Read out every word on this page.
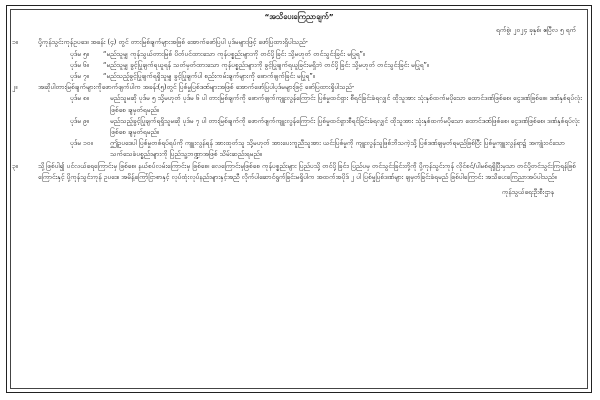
“အသိပေးကြေညာချက်”
ရက်စွဲ၊ ၂၀၂၄ ခုနှစ်၊ ဧပြီလ ၅ ရက်
၁။	ပို့ကုန်သွင်းကုန်ဥပဒေ၊ အခန်း (၄) တွင် တားမြစ်ချက်များအဖြစ် အောက်ဖော်ပြပါ ပုဒ်မများဖြင့် ဖော်ပြထားရှိပါသည်-
ပုဒ်မ ၅။	“မည်သူမျှ ကုန်သွယ်တားမြစ် ပိတ်ပင်ထားသော ကုန်ပစ္စည်းများကို တင်ပို့ခြင်း သို့မဟုတ် တင်သွင်းခြင်း မပြုရ”။
ပုဒ်မ ၆။	“မည်သူမျှ ခွင့်ပြုချက်ရယူရန် သတ်မှတ်ထားသော ကုန်ပစ္စည်းများကို ခွင့်ပြုချက်ရယူခြင်းမရှိဘဲ တင်ပို့ခြင်း သို့မဟုတ် တင်သွင်းခြင်း မပြုရ”။
ပုဒ်မ ၇။	“မည်သည့်ခွင့်ပြုချက်ရရှိသူမျှ ခွင့်ပြုချက်ပါ စည်းကမ်းချက်များကို ဖောက်ဖျက်ခြင်း မပြုရ”။
၂။	အဆိုပါတားမြစ်ချက်များကိုဖောက်ဖျက်ပါက အခန်း(၅)တွင် ပြစ်မှုပြစ်ဒဏ်များအဖြစ် အောက်ဖော်ပြပါပုဒ်မများဖြင့် ဖော်ပြထားရှိပါသည်-
ပုဒ်မ ၈။	မည်သူမဆို ပုဒ်မ ၅ သို့မဟုတ် ပုဒ်မ ၆ ပါ တားမြစ်ချက်ကို ဖောက်ဖျက်ကျူးလွန်ကြောင်း ပြစ်မှုထင်ရှား စီရင်ခြင်းခံရလျှင် ထိုသူအား သုံးနှစ်ထက်မပိုသော ထောင်ဒဏ်ဖြစ်စေ၊ ငွေဒဏ်ဖြစ်စေ၊ ဒဏ်နှစ်ရပ်လုံးဖြစ်စေ ချမှတ်ရမည်။
ပုဒ်မ ၉။	မည်သည့်ခွင့်ပြုချက်ရရှိသူမဆို ပုဒ်မ ၇ ပါ တားမြစ်ချက်ကို ဖောက်ဖျက်ကျူးလွန်ကြောင်း ပြစ်မှုထင်ရှားစီရင်ခြင်းခံရလျှင် ထိုသူအား သုံးနှစ်ထက်မပိုသော ထောင်ဒဏ်ဖြစ်စေ၊ ငွေဒဏ်ဖြစ်စေ၊ ဒဏ်နှစ်ရပ်လုံးဖြစ်စေ ချမှတ်ရမည်။
ပုဒ်မ ၁၀။	ဤဥပဒေပါ ပြစ်မှုတစ်ရပ်ရပ်ကို ကျူးလွန်ရန် အားထုတ်သူ သို့မဟုတ် အားပေးကူညီသူအား ယင်းပြစ်မှုကို ကျူးလွန်သူဖြစ်ဘိသကဲ့သို့ ပြစ်ဒဏ်ချမှတ်ရမည်ဖြစ်ပြီး ပြစ်မှုကျူးလွန်ရာ၌ အကျုံးဝင်သော သက်သေခံပစ္စည်းများကို ပြည်သူ့ဘဏ္ဍာအဖြစ် သိမ်းဆည်းရမည်။
၃။	သို့ဖြစ်ပါ၍ ပင်လယ်ရေကြောင်းမှ ဖြစ်စေ၊ နယ်စပ်လမ်းကြောင်းမှ ဖြစ်စေ၊ လေကြောင်းမှဖြစ်စေ ကုန်ပစ္စည်းများ ပြည်ပသို့ တင်ပို့ခြင်း၊ ပြည်ပမှ တင်သွင်းခြင်းတို့ကို ပို့ကုန်သွင်းကုန် လိုင်စင်/ပါမစ်ရရှိပြီးမှသာ တင်ပို့တင်သွင်းကြရန်ဖြစ်ကြောင်းနှင့် ပို့ကုန်သွင်းကုန် ဥပဒေ၊ အမိန့်ကြော်ငြာစာနှင့် လုပ်ထုံးလုပ်နည်းများနှင့်အညီ လိုက်ပါဆောင်ရွက်ခြင်းမရှိပါက အထက်အပိုဒ် ၂ ပါ ပြစ်မှုပြစ်ဒဏ်များ ချမှတ်ခြင်းခံရမည် ဖြစ်ပါကြောင်း အသိပေးကြေညာအပ်ပါသည်။
ကုန်သွယ်ရေးဦးစီးဌာန
